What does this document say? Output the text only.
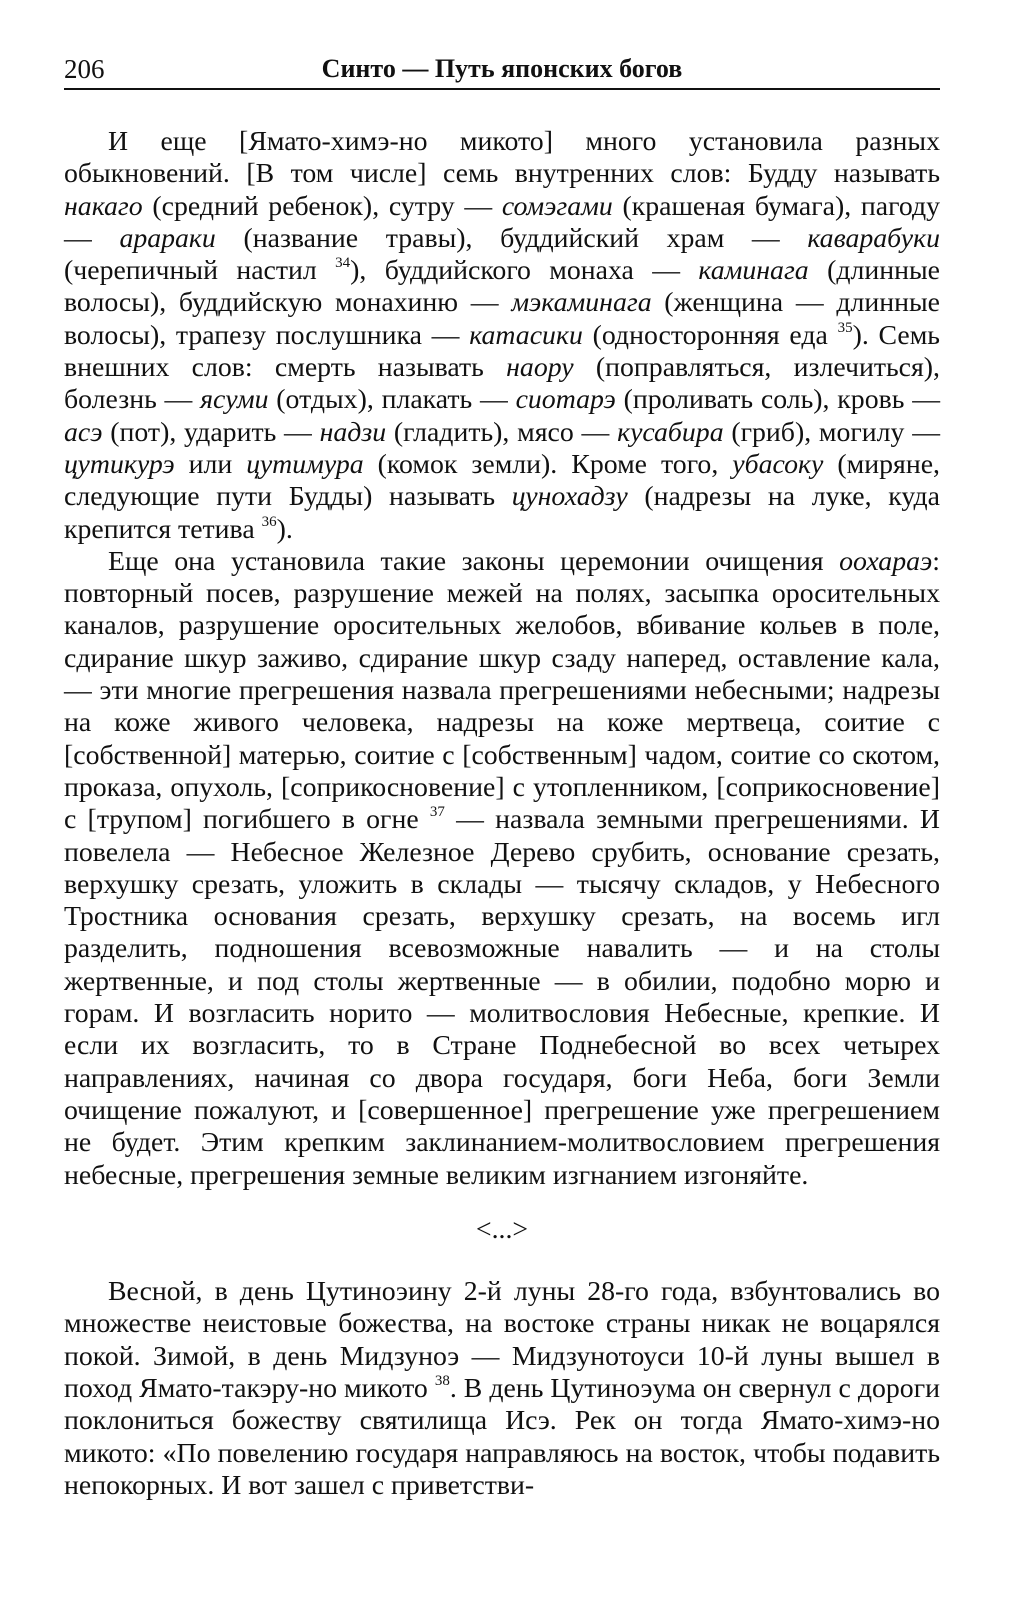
206	Синто — Путь японских богов

И еще [Ямато-химэ-но микото] много установила разных обыкновений. [В том числе] семь внутренних слов: Будду называть накаго (средний ребенок), сутру — сомэгами (крашеная бумага), пагоду — арараки (название травы), буддийский храм — каварабуки (черепичный настил $^{34}$), буддийского монаха — каминага (длинные волосы), буддийскую монахиню — мэкаминага (женщина — длинные волосы), трапезу послушника — катасики (односторонняя еда $^{35}$). Семь внешних слов: смерть называть наору (поправляться, излечиться), болезнь — ясуми (отдых), плакать — сиотарэ (проливать соль), кровь — асэ (пот), ударить — надзи (гладить), мясо — кусабира (гриб), могилу — цутикурэ или цутимура (комок земли). Кроме того, убасоку (миряне, следующие пути Будды) называть цунохадзу (надрезы на луке, куда крепится тетива $^{36}$).

Еще она установила такие законы церемонии очищения оохараэ: повторный посев, разрушение межей на полях, засыпка оросительных каналов, разрушение оросительных желобов, вбивание кольев в поле, сдирание шкур заживо, сдирание шкур сзаду наперед, оставление кала, — эти многие прегрешения назвала прегрешениями небесными; надрезы на коже живого человека, надрезы на коже мертвеца, соитие с [собственной] матерью, соитие с [собственным] чадом, соитие со скотом, проказа, опухоль, [соприкосновение] с утопленником, [соприкосновение] с [трупом] погибшего в огне $^{37}$ — назвала земными прегрешениями. И повелела — Небесное Железное Дерево срубить, основание срезать, верхушку срезать, уложить в склады — тысячу складов, у Небесного Тростника основания срезать, верхушку срезать, на восемь игл разделить, подношения всевозможные навалить — и на столы жертвенные, и под столы жертвенные — в обилии, подобно морю и горам. И возгласить норито — молитвословия Небесные, крепкие. И если их возгласить, то в Стране Поднебесной во всех четырех направлениях, начиная со двора государя, боги Неба, боги Земли очищение пожалуют, и [совершенное] прегрешение уже прегрешением не будет. Этим крепким заклинанием-молитвословием прегрешения небесные, прегрешения земные великим изгнанием изгоняйте.

<...>

Весной, в день Цутиноэину 2-й луны 28-го года, взбунтовались во множестве неистовые божества, на востоке страны никак не воцарялся покой. Зимой, в день Мидзуноэ — Мидзунотоуси 10-й луны вышел в поход Ямато-такэру-но микото $^{38}$. В день Цутиноэума он свернул с дороги поклониться божеству святилища Исэ. Рек он тогда Ямато-химэ-но микото: «По повелению государя направляюсь на восток, чтобы подавить непокорных. И вот зашел с приветстви-
